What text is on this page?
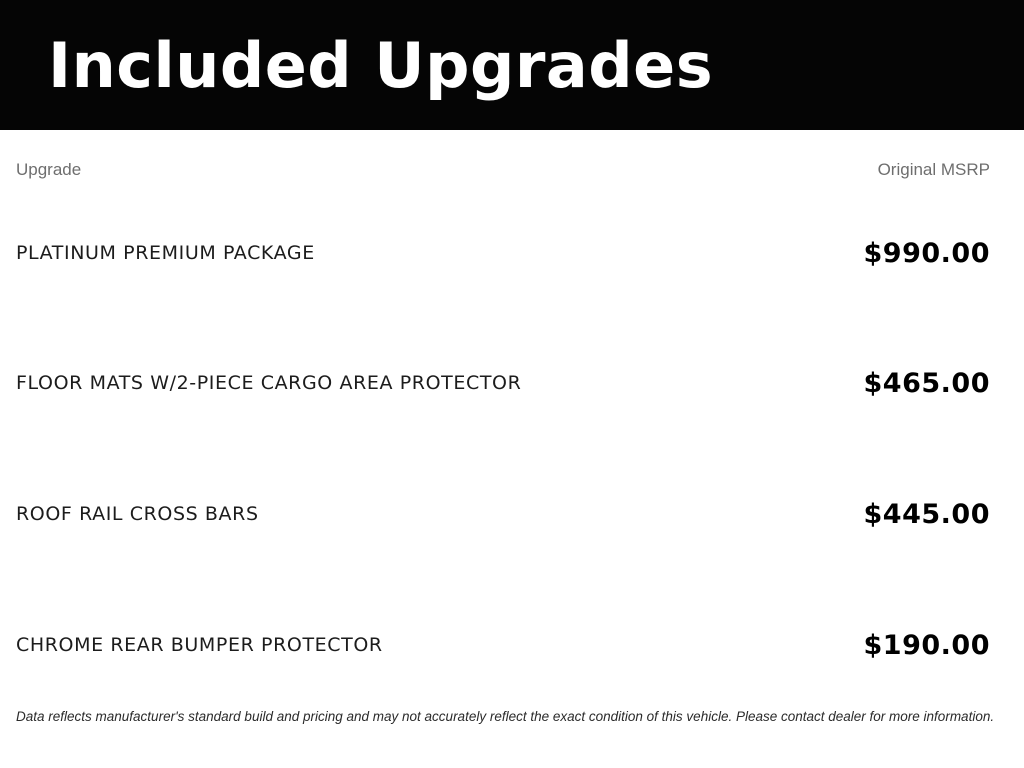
Included Upgrades
Upgrade	Original MSRP
PLATINUM PREMIUM PACKAGE	$990.00
FLOOR MATS W/2-PIECE CARGO AREA PROTECTOR	$465.00
ROOF RAIL CROSS BARS	$445.00
CHROME REAR BUMPER PROTECTOR	$190.00
Data reflects manufacturer's standard build and pricing and may not accurately reflect the exact condition of this vehicle. Please contact dealer for more information.
